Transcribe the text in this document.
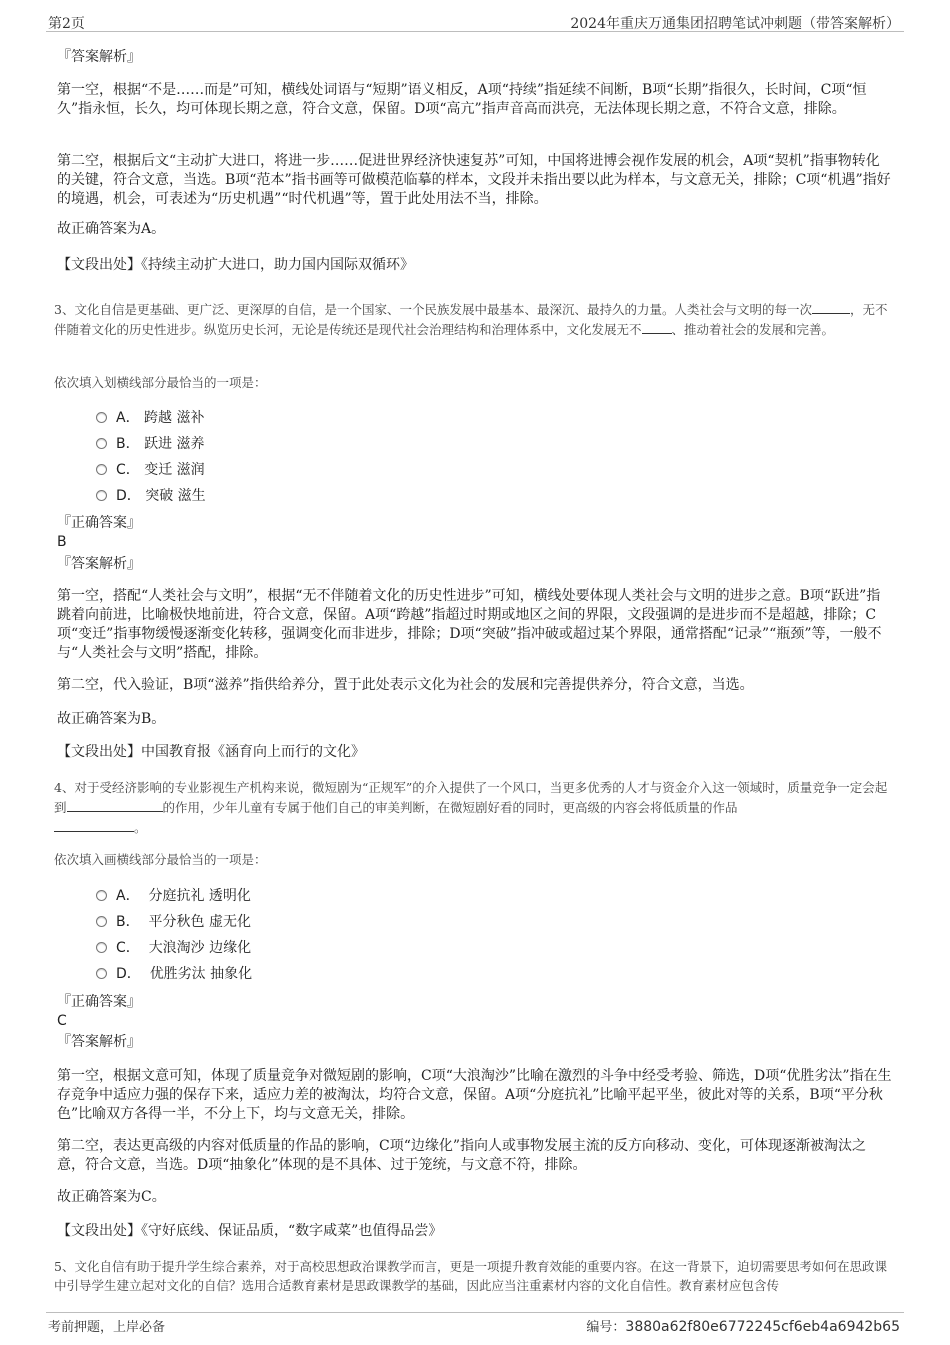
第2页	2024年重庆万通集团招聘笔试冲刺题（带答案解析）
『答案解析』
第一空，根据“不是……而是”可知，横线处词语与“短期”语义相反，A项“持续”指延续不间断，B项“长期”指很久，长时间，C项“恒久”指永恒，长久，均可体现长期之意，符合文意，保留。D项“高亢”指声音高而洪亮，无法体现长期之意，不符合文意，排除。
第二空，根据后文“主动扩大进口，将进一步……促进世界经济快速复苏”可知，中国将进博会视作发展的机会，A项“契机”指事物转化的关键，符合文意，当选。B项“范本”指书画等可做模范临摹的样本，文段并未指出要以此为样本，与文意无关，排除；C项“机遇”指好的境遇，机会，可表述为“历史机遇”“时代机遇”等，置于此处用法不当，排除。
故正确答案为A。
【文段出处】《持续主动扩大进口，助力国内国际双循环》
3、文化自信是更基础、更广泛、更深厚的自信，是一个国家、一个民族发展中最基本、最深沉、最持久的力量。人类社会与文明的每一次	，无不伴随着文化的历史性进步。纵览历史长河，无论是传统还是现代社会治理结构和治理体系中，文化发展无不 、推动着社会的发展和完善。
依次填入划横线部分最恰当的一项是：
A． 跨越 滋补
B． 跃进 滋养
C． 变迁 滋润
D． 突破 滋生
『正确答案』
B
『答案解析』
第一空，搭配“人类社会与文明”，根据“无不伴随着文化的历史性进步”可知，横线处要体现人类社会与文明的进步之意。B项“跃进”指跳着向前进，比喻极快地前进，符合文意，保留。A项“跨越”指超过时期或地区之间的界限，文段强调的是进步而不是超越，排除；C项“变迁”指事物缓慢逐渐变化转移，强调变化而非进步，排除；D项“突破”指冲破或超过某个界限，通常搭配“记录”“瓶颈”等，一般不与“人类社会与文明”搭配，排除。
第二空，代入验证，B项“滋养”指供给养分，置于此处表示文化为社会的发展和完善提供养分，符合文意，当选。
故正确答案为B。
【文段出处】中国教育报《涵育向上而行的文化》
4、对于受经济影响的专业影视生产机构来说，微短剧为“正规军”的介入提供了一个风口，当更多优秀的人才与资金介入这一领域时，质量竞争一定会起到	的作用，少年儿童有专属于他们自己的审美判断，在微短剧好看的同时，更高级的内容会将低质量的作品
。
依次填入画横线部分最恰当的一项是：
A． 分庭抗礼 透明化
B． 平分秋色 虚无化
C． 大浪淘沙 边缘化
D． 优胜劣汰 抽象化
『正确答案』
C
『答案解析』
第一空，根据文意可知，体现了质量竞争对微短剧的影响，C项“大浪淘沙”比喻在激烈的斗争中经受考验、筛选，D项“优胜劣汰”指在生存竞争中适应力强的保存下来，适应力差的被淘汰，均符合文意，保留。A项“分庭抗礼”比喻平起平坐，彼此对等的关系，B项“平分秋色”比喻双方各得一半，不分上下，均与文意无关，排除。
第二空，表达更高级的内容对低质量的作品的影响，C项“边缘化”指向人或事物发展主流的反方向移动、变化，可体现逐渐被淘汰之意，符合文意，当选。D项“抽象化”体现的是不具体、过于笼统，与文意不符，排除。
故正确答案为C。
【文段出处】《守好底线、保证品质，“数字咸菜”也值得品尝》
5、文化自信有助于提升学生综合素养，对于高校思想政治课教学而言，更是一项提升教育效能的重要内容。在这一背景下，迫切需要思考如何在思政课中引导学生建立起对文化的自信？选用合适教育素材是思政课教学的基础，因此应当注重素材内容的文化自信性。教育素材应包含传
考前押题，上岸必备	编号：3880a62f80e6772245cf6eb4a6942b65
